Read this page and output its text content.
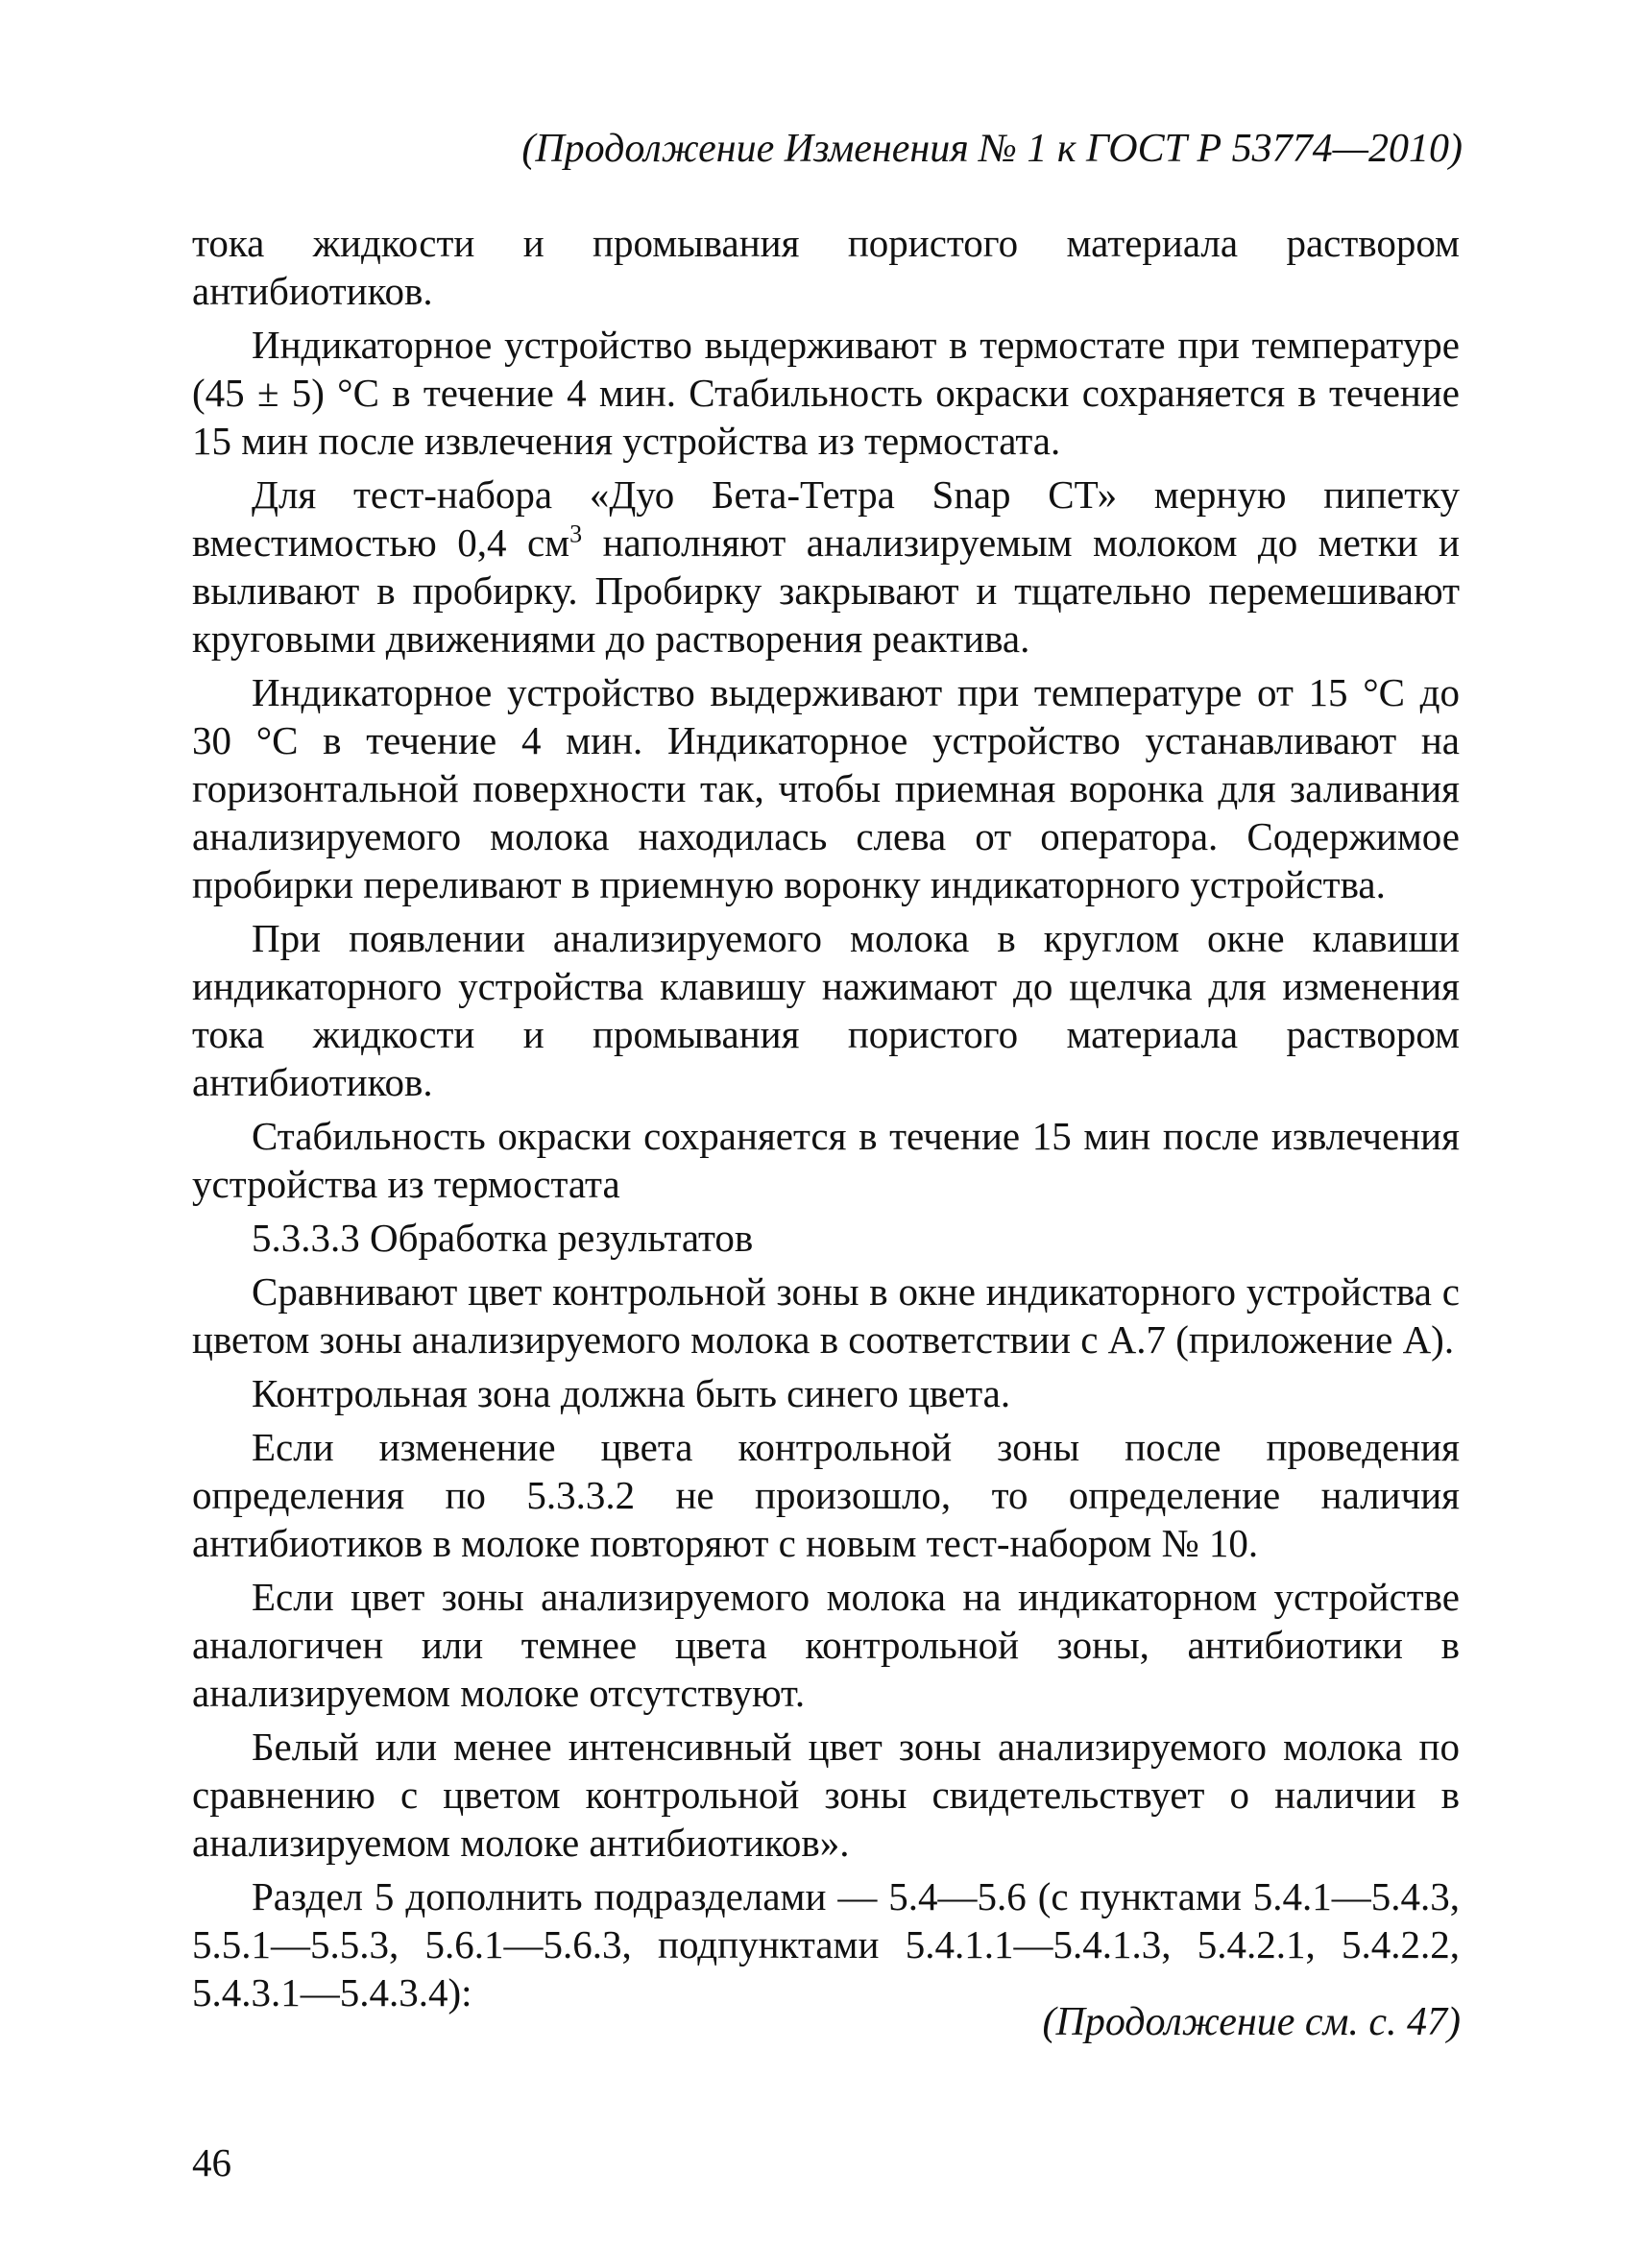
(Продолжение Изменения № 1 к ГОСТ Р 53774—2010)

тока жидкости и промывания пористого материала раствором антибиотиков.

Индикаторное устройство выдерживают в термостате при температуре (45 ± 5) °С в течение 4 мин. Стабильность окраски сохраняется в течение 15 мин после извлечения устройства из термостата.

Для тест-набора «Дуо Бета-Тетра Snap СТ» мерную пипетку вместимостью 0,4 $см^3$ наполняют анализируемым молоком до метки и выливают в пробирку. Пробирку закрывают и тщательно перемешивают круговыми движениями до растворения реактива.

Индикаторное устройство выдерживают при температуре от 15 °С до 30 °С в течение 4 мин. Индикаторное устройство устанавливают на горизонтальной поверхности так, чтобы приемная воронка для заливания анализируемого молока находилась слева от оператора. Содержимое пробирки переливают в приемную воронку индикаторного устройства.

При появлении анализируемого молока в круглом окне клавиши индикаторного устройства клавишу нажимают до щелчка для изменения тока жидкости и промывания пористого материала раствором антибиотиков.

Стабильность окраски сохраняется в течение 15 мин после извлечения устройства из термостата

5.3.3.3 Обработка результатов

Сравнивают цвет контрольной зоны в окне индикаторного устройства с цветом зоны анализируемого молока в соответствии с А.7 (приложение А).

Контрольная зона должна быть синего цвета.

Если изменение цвета контрольной зоны после проведения определения по 5.3.3.2 не произошло, то определение наличия антибиотиков в молоке повторяют с новым тест-набором № 10.

Если цвет зоны анализируемого молока на индикаторном устройстве аналогичен или темнее цвета контрольной зоны, антибиотики в анализируемом молоке отсутствуют.

Белый или менее интенсивный цвет зоны анализируемого молока по сравнению с цветом контрольной зоны свидетельствует о наличии в анализируемом молоке антибиотиков».

Раздел 5 дополнить подразделами — 5.4—5.6 (с пунктами 5.4.1—5.4.3, 5.5.1—5.5.3, 5.6.1—5.6.3, подпунктами 5.4.1.1—5.4.1.3, 5.4.2.1, 5.4.2.2, 5.4.3.1—5.4.3.4):

(Продолжение см. с. 47)
46
